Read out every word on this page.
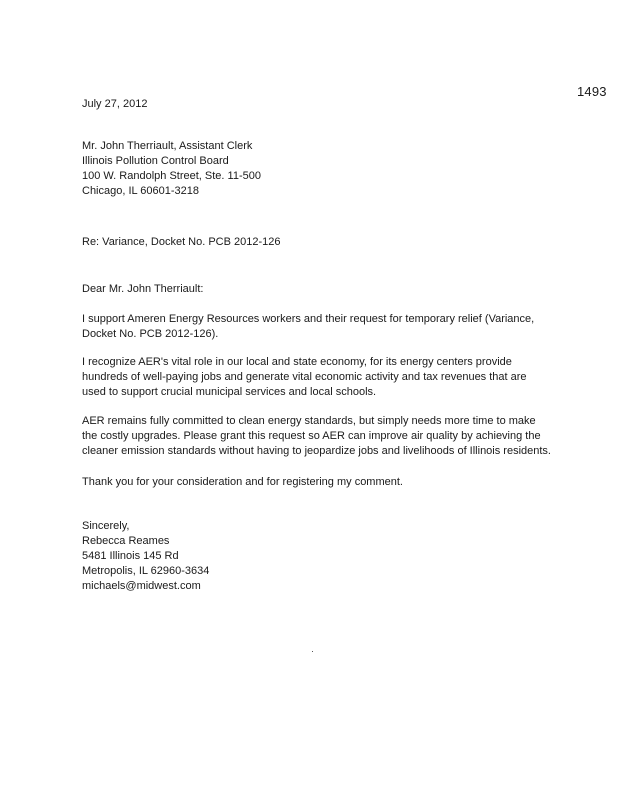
1493
July 27, 2012
Mr. John Therriault, Assistant Clerk
Illinois Pollution Control Board
100 W. Randolph Street, Ste. 11-500
Chicago, IL 60601-3218
Re: Variance, Docket No. PCB 2012-126
Dear Mr. John Therriault:
I support Ameren Energy Resources workers and their request for temporary relief (Variance,
Docket No. PCB 2012-126).
I recognize AER's vital role in our local and state economy, for its energy centers provide
hundreds of well-paying jobs and generate vital economic activity and tax revenues that are
used to support crucial municipal services and local schools.
AER remains fully committed to clean energy standards, but simply needs more time to make
the costly upgrades. Please grant this request so AER can improve air quality by achieving the
cleaner emission standards without having to jeopardize jobs and livelihoods of Illinois residents.
Thank you for your consideration and for registering my comment.
Sincerely,
Rebecca Reames
5481 Illinois 145 Rd
Metropolis, IL 62960-3634
michaels@midwest.com
